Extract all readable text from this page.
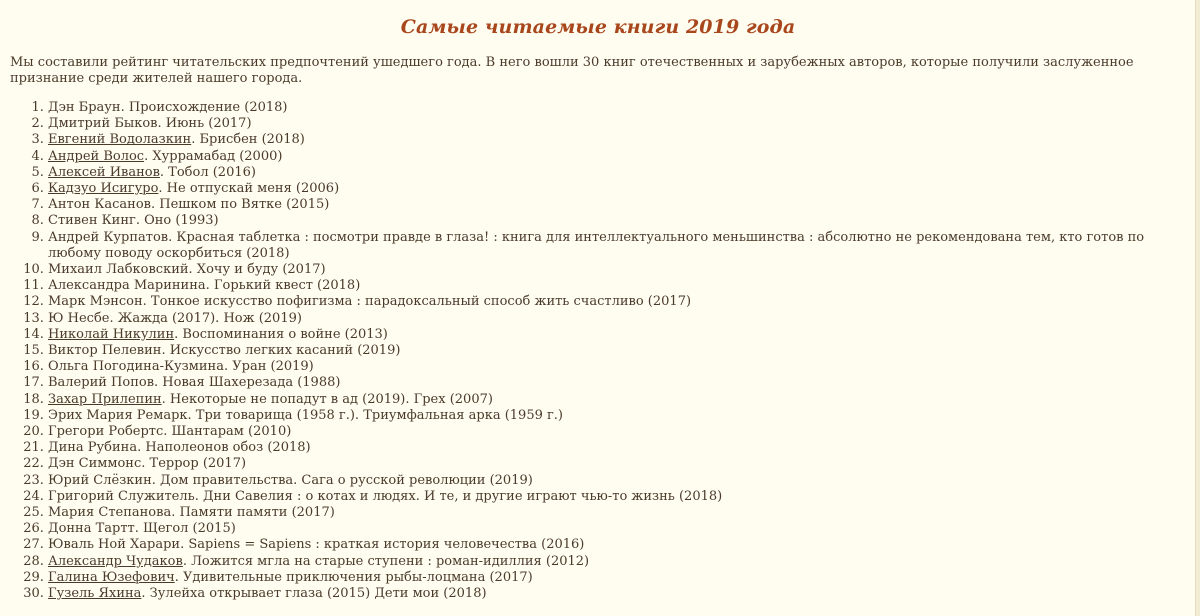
Самые читаемые книги 2019 года

Мы составили рейтинг читательских предпочтений ушедшего года. В него вошли 30 книг отечественных и зарубежных авторов, которые получили заслуженное признание среди жителей нашего города.

1. Дэн Браун. Происхождение (2018)
2. Дмитрий Быков. Июнь (2017)
3. Евгений Водолазкин. Брисбен (2018)
4. Андрей Волос. Хуррамабад (2000)
5. Алексей Иванов. Тобол (2016)
6. Кадзуо Исигуро. Не отпускай меня (2006)
7. Антон Касанов. Пешком по Вятке (2015)
8. Стивен Кинг. Оно (1993)
9. Андрей Курпатов. Красная таблетка : посмотри правде в глаза! : книга для интеллектуального меньшинства : абсолютно не рекомендована тем, кто готов по любому поводу оскорбиться (2018)
10. Михаил Лабковский. Хочу и буду (2017)
11. Александра Маринина. Горький квест (2018)
12. Марк Мэнсон. Тонкое искусство пофигизма : парадоксальный способ жить счастливо (2017)
13. Ю Несбе. Жажда (2017). Нож (2019)
14. Николай Никулин. Воспоминания о войне (2013)
15. Виктор Пелевин. Искусство легких касаний (2019)
16. Ольга Погодина-Кузмина. Уран (2019)
17. Валерий Попов. Новая Шахерезада (1988)
18. Захар Прилепин. Некоторые не попадут в ад (2019). Грех (2007)
19. Эрих Мария Ремарк. Три товарища (1958 г.). Триумфальная арка (1959 г.)
20. Грегори Робертс. Шантарам (2010)
21. Дина Рубина. Наполеонов обоз (2018)
22. Дэн Симмонс. Террор (2017)
23. Юрий Слёзкин. Дом правительства. Сага о русской революции (2019)
24. Григорий Служитель. Дни Савелия : о котах и людях. И те, и другие играют чью-то жизнь (2018)
25. Мария Степанова. Памяти памяти (2017)
26. Донна Тартт. Щегол (2015)
27. Юваль Ной Харари. Sapiens = Sapiens : краткая история человечества (2016)
28. Александр Чудаков. Ложится мгла на старые ступени : роман-идиллия (2012)
29. Галина Юзефович. Удивительные приключения рыбы-лоцмана (2017)
30. Гузель Яхина. Зулейха открывает глаза (2015) Дети мои (2018)
